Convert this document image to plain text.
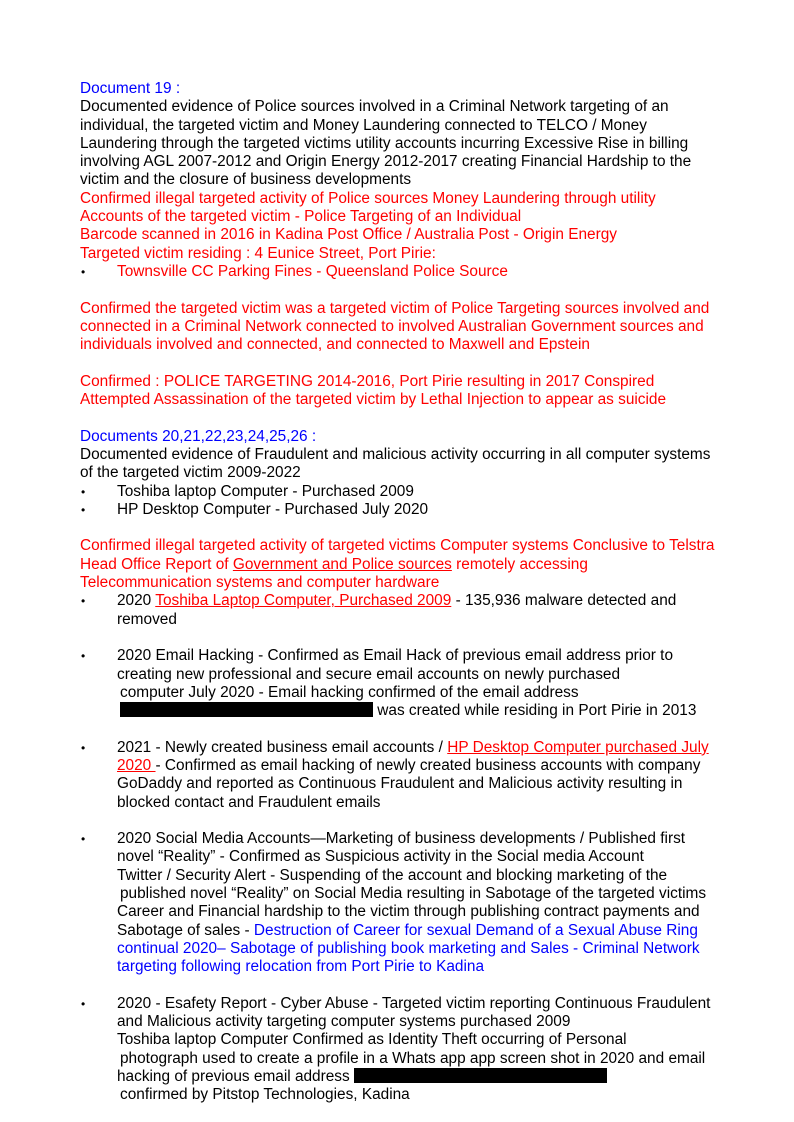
Document 19 :

Documented evidence of Police sources involved in a Criminal Network targeting of an individual, the targeted victim and Money Laundering connected to TELCO / Money Laundering through the targeted victims utility accounts incurring Excessive Rise in billing involving AGL 2007-2012 and Origin Energy 2012-2017 creating Financial Hardship to the victim and the closure of business developments

Confirmed illegal targeted activity of Police sources Money Laundering through utility Accounts of the targeted victim - Police Targeting of an Individual

Barcode scanned in 2016 in Kadina Post Office / Australia Post - Origin Energy

Targeted victim residing : 4 Eunice Street, Port Pirie:

• Townsville CC Parking Fines - Queensland Police Source

Confirmed the targeted victim was a targeted victim of Police Targeting sources involved and connected in a Criminal Network connected to involved Australian Government sources and individuals involved and connected, and connected to Maxwell and Epstein

Confirmed : POLICE TARGETING 2014-2016, Port Pirie resulting in 2017 Conspired Attempted Assassination of the targeted victim by Lethal Injection to appear as suicide

Documents 20,21,22,23,24,25,26 :

Documented evidence of Fraudulent and malicious activity occurring in all computer systems of the targeted victim 2009-2022

• Toshiba laptop Computer - Purchased 2009
• HP Desktop Computer - Purchased July 2020

Confirmed illegal targeted activity of targeted victims Computer systems Conclusive to Telstra Head Office Report of Government and Police sources remotely accessing Telecommunication systems and computer hardware

• 2020 Toshiba Laptop Computer, Purchased 2009 - 135,936 malware detected and removed
• 2020 Email Hacking - Confirmed as Email Hack of previous email address prior to creating new professional and secure email accounts on newly purchased
computer July 2020 - Email hacking confirmed of the email address
was created while residing in Port Pirie in 2013
• 2021 - Newly created business email accounts / HP Desktop Computer purchased July 2020 - Confirmed as email hacking of newly created business accounts with company GoDaddy and reported as Continuous Fraudulent and Malicious activity resulting in blocked contact and Fraudulent emails
• 2020 Social Media Accounts—Marketing of business developments / Published first novel “Reality” - Confirmed as Suspicious activity in the Social media Account
Twitter / Security Alert - Suspending of the account and blocking marketing of the
published novel “Reality” on Social Media resulting in Sabotage of the targeted victims Career and Financial hardship to the victim through publishing contract payments and Sabotage of sales - Destruction of Career for sexual Demand of a Sexual Abuse Ring continual 2020– Sabotage of publishing book marketing and Sales - Criminal Network targeting following relocation from Port Pirie to Kadina
• 2020 - Esafety Report - Cyber Abuse - Targeted victim reporting Continuous Fraudulent and Malicious activity targeting computer systems purchased 2009
Toshiba laptop Computer Confirmed as Identity Theft occurring of Personal
photograph used to create a profile in a Whats app app screen shot in 2020 and email hacking of previous email address
confirmed by Pitstop Technologies, Kadina
